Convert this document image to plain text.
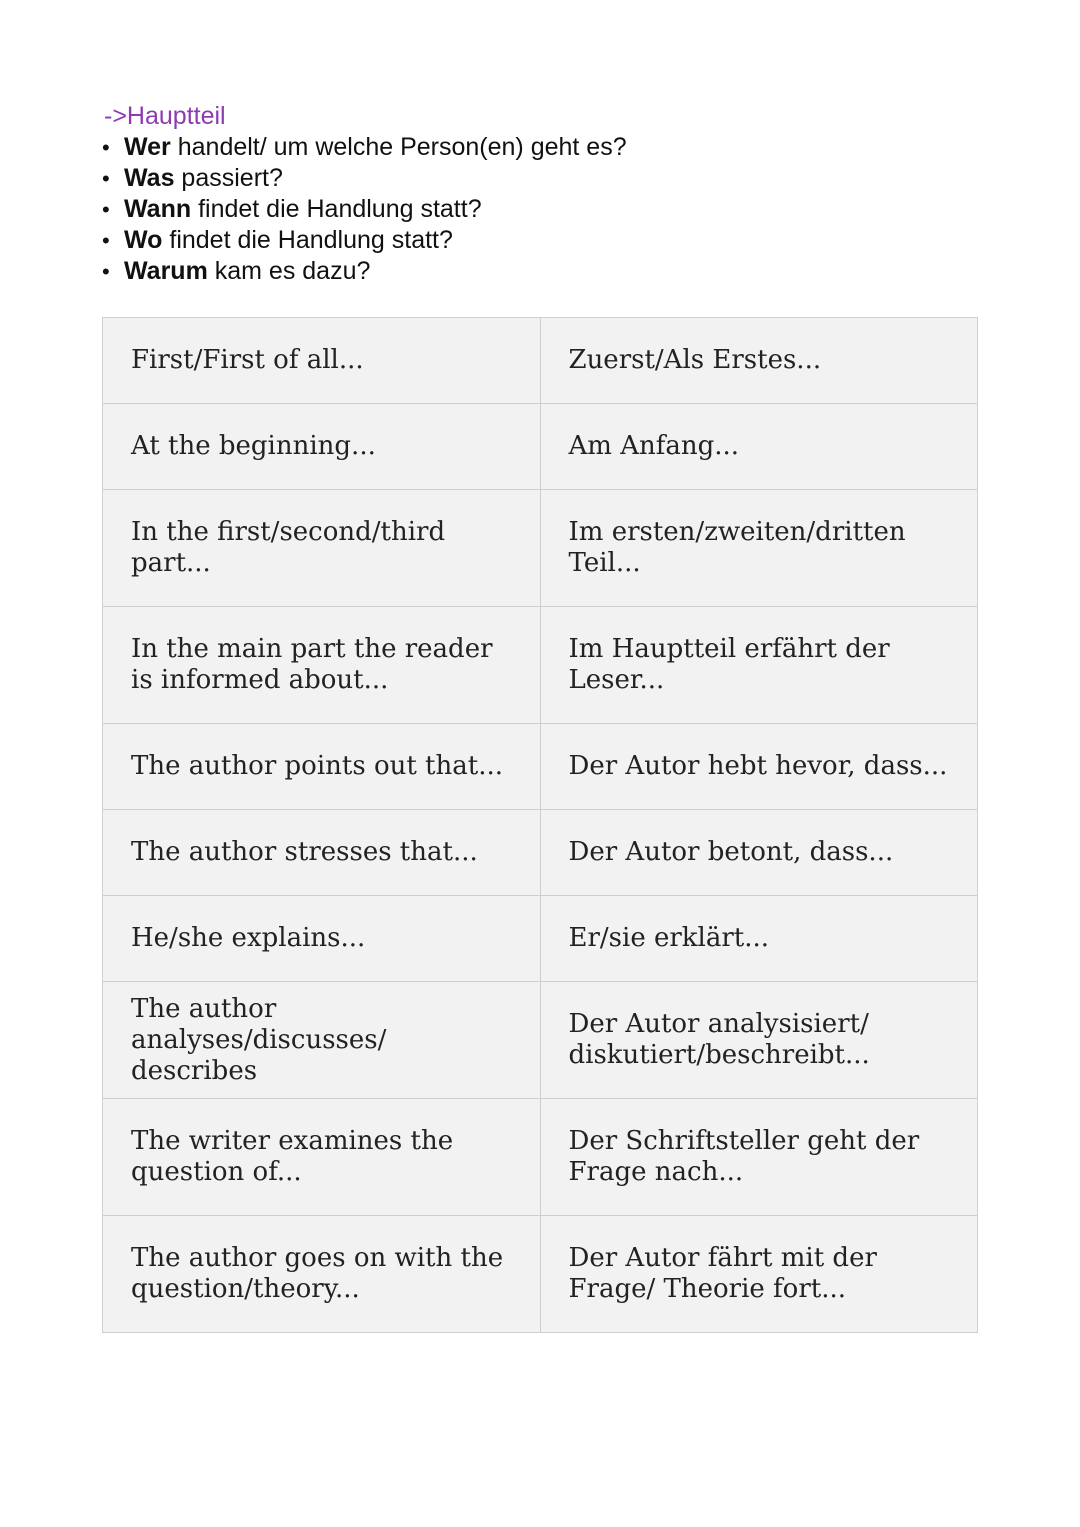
->Hauptteil
• Wer handelt/ um welche Person(en) geht es?
• Was passiert?
• Wann findet die Handlung statt?
• Wo findet die Handlung statt?
• Warum kam es dazu?
First/First of all...	Zuerst/Als Erstes...
At the beginning...	Am Anfang...
In the first/second/third part...	Im ersten/zweiten/dritten Teil...
In the main part the reader is informed about...	Im Hauptteil erfährt der Leser...
The author points out that...	Der Autor hebt hevor, dass...
The author stresses that...	Der Autor betont, dass...
He/she explains...	Er/sie erklärt...
The author analyses/discusses/ describes	Der Autor analysisiert/ diskutiert/beschreibt...
The writer examines the question of...	Der Schriftsteller geht der Frage nach...
The author goes on with the question/theory...	Der Autor fährt mit der Frage/ Theorie fort...
